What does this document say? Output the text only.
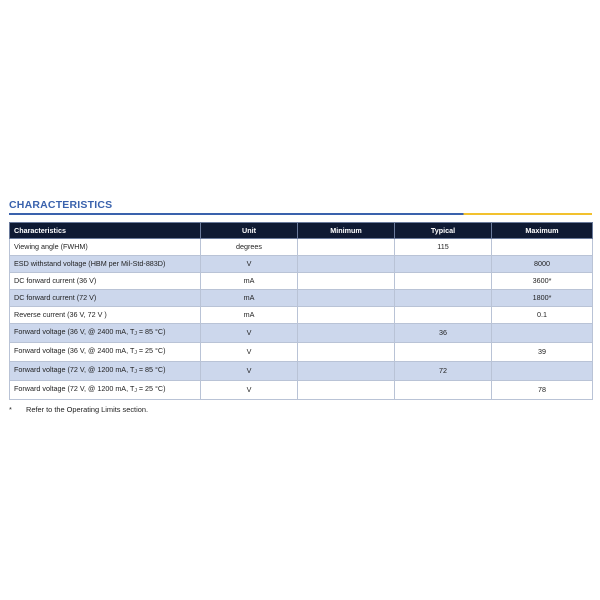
CHARACTERISTICS
Characteristics	Unit	Minimum	Typical	Maximum
Viewing angle (FWHM)	degrees		115	
ESD withstand voltage (HBM per Mil-Std-883D)	V			8000
DC forward current (36 V)	mA			3600*
DC forward current (72 V)	mA			1800*
Reverse current (36 V, 72 V )	mA			0.1
Forward voltage (36 V, @ 2400 mA, $T_J = 85$ °C)	V		36	
Forward voltage (36 V, @ 2400 mA, $T_J = 25$ °C)	V			39
Forward voltage (72 V, @ 1200 mA, $T_J = 85$ °C)	V		72	
Forward voltage (72 V, @ 1200 mA, $T_J = 25$ °C)	V			78
*	Refer to the Operating Limits section.
